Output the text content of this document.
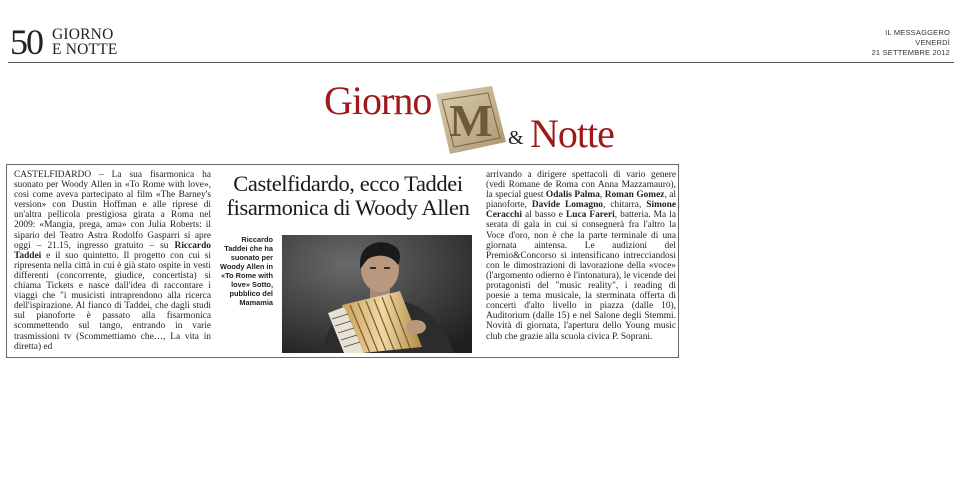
50 GIORNO
E NOTTE
IL MESSAGGERO
VENERDÌ
21 SETTEMBRE 2012
Giorno M & Notte

CASTELFIDARDO – La sua fisarmonica ha suonato per Woody Allen in «To Rome with love», così come aveva partecipato al film «The Barney's version» con Dustin Hoffman e alle riprese di un'altra pellicola prestigiosa girata a Roma nel 2009: «Mangia, prega, ama» con Julia Roberts: il sipario del Teatro Astra Rodolfo Gasparri si apre oggi – 21.15, ingresso gratuito – su Riccardo Taddei e il suo quintetto. Il progetto con cui si ripresenta nella città in cui è già stato ospite in vesti differenti (concorrente, giudice, concertista) si chiama Tickets e nasce dall'idea di raccontare i viaggi che "i musicisti intraprendono alla ricerca dell'ispirazione. Al fianco di Taddei, che dagli studi sul pianoforte è passato alla fisarmonica scommettendo sul tango, entrando in varie trasmissioni tv (Scommettiamo che…, La vita in diretta) ed

Castelfidardo, ecco Taddei
fisarmonica di Woody Allen
Riccardo Taddei che ha suonato per Woody Allen in «To Rome with love» Sotto, pubblico del Mamamia

arrivando a dirigere spettacoli di vario genere (vedi Romane de Roma con Anna Mazzamauro), la special guest Odalis Palma, Roman Gomez, al pianoforte, Davide Lomagno, chitarra, Simone Ceracchi al basso e Luca Fareri, batteria. Ma la serata di gala in cui si consegnerà fra l'altro la Voce d'oro, non è che la parte terminale di una giornata aintensa. Le audizioni del Premio&Concorso si intensificano intrecciandosi con le dimostrazioni di lavorazione della «voce» (l'argomento odierno è l'intonatura), le vicende dei protagonisti del "music reality", i reading di poesie a tema musicale, la sterminata offerta di concerti d'alto livello in piazza (dalle 10), Auditorium (dalle 15) e nel Salone degli Stemmi. Novità di giornata, l'apertura dello Young music club che grazie alla scuola civica P. Soprani.
